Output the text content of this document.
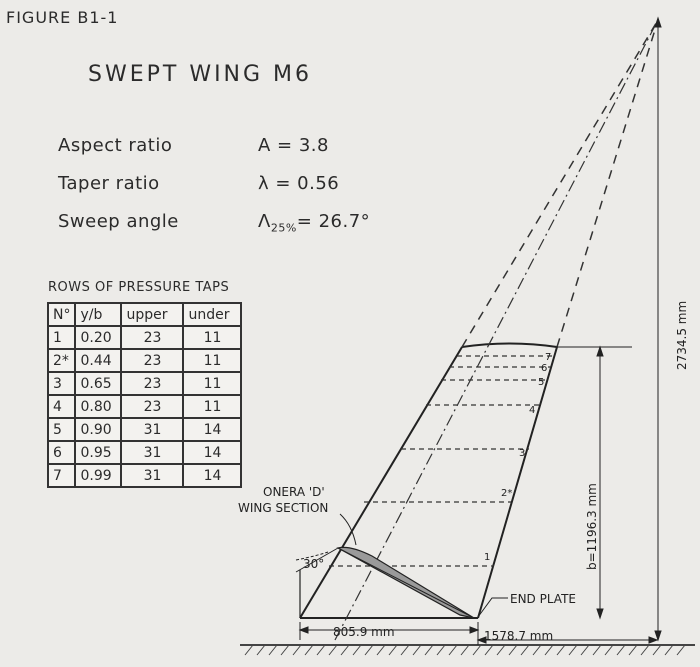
FIGURE B1-1
SWEPT WING M6
Aspect ratio	A = 3.8
Taper ratio	λ = 0.56
Sweep angle	$\Lambda_{25\%}= 26.7^\circ$
ROWS OF PRESSURE TAPS
N°	y/b	upper	under
1	0.20	23	11
2*	0.44	23	11
3	0.65	23	11
4	0.80	23	11
5	0.90	31	14
6	0.95	31	14
7	0.99	31	14
1
2*
3
4
5
6
7
30°
ONERA 'D'
WING SECTION
END PLATE
805.9 mm	1578.7 mm
b=1196.3 mm
2734.5 mm
